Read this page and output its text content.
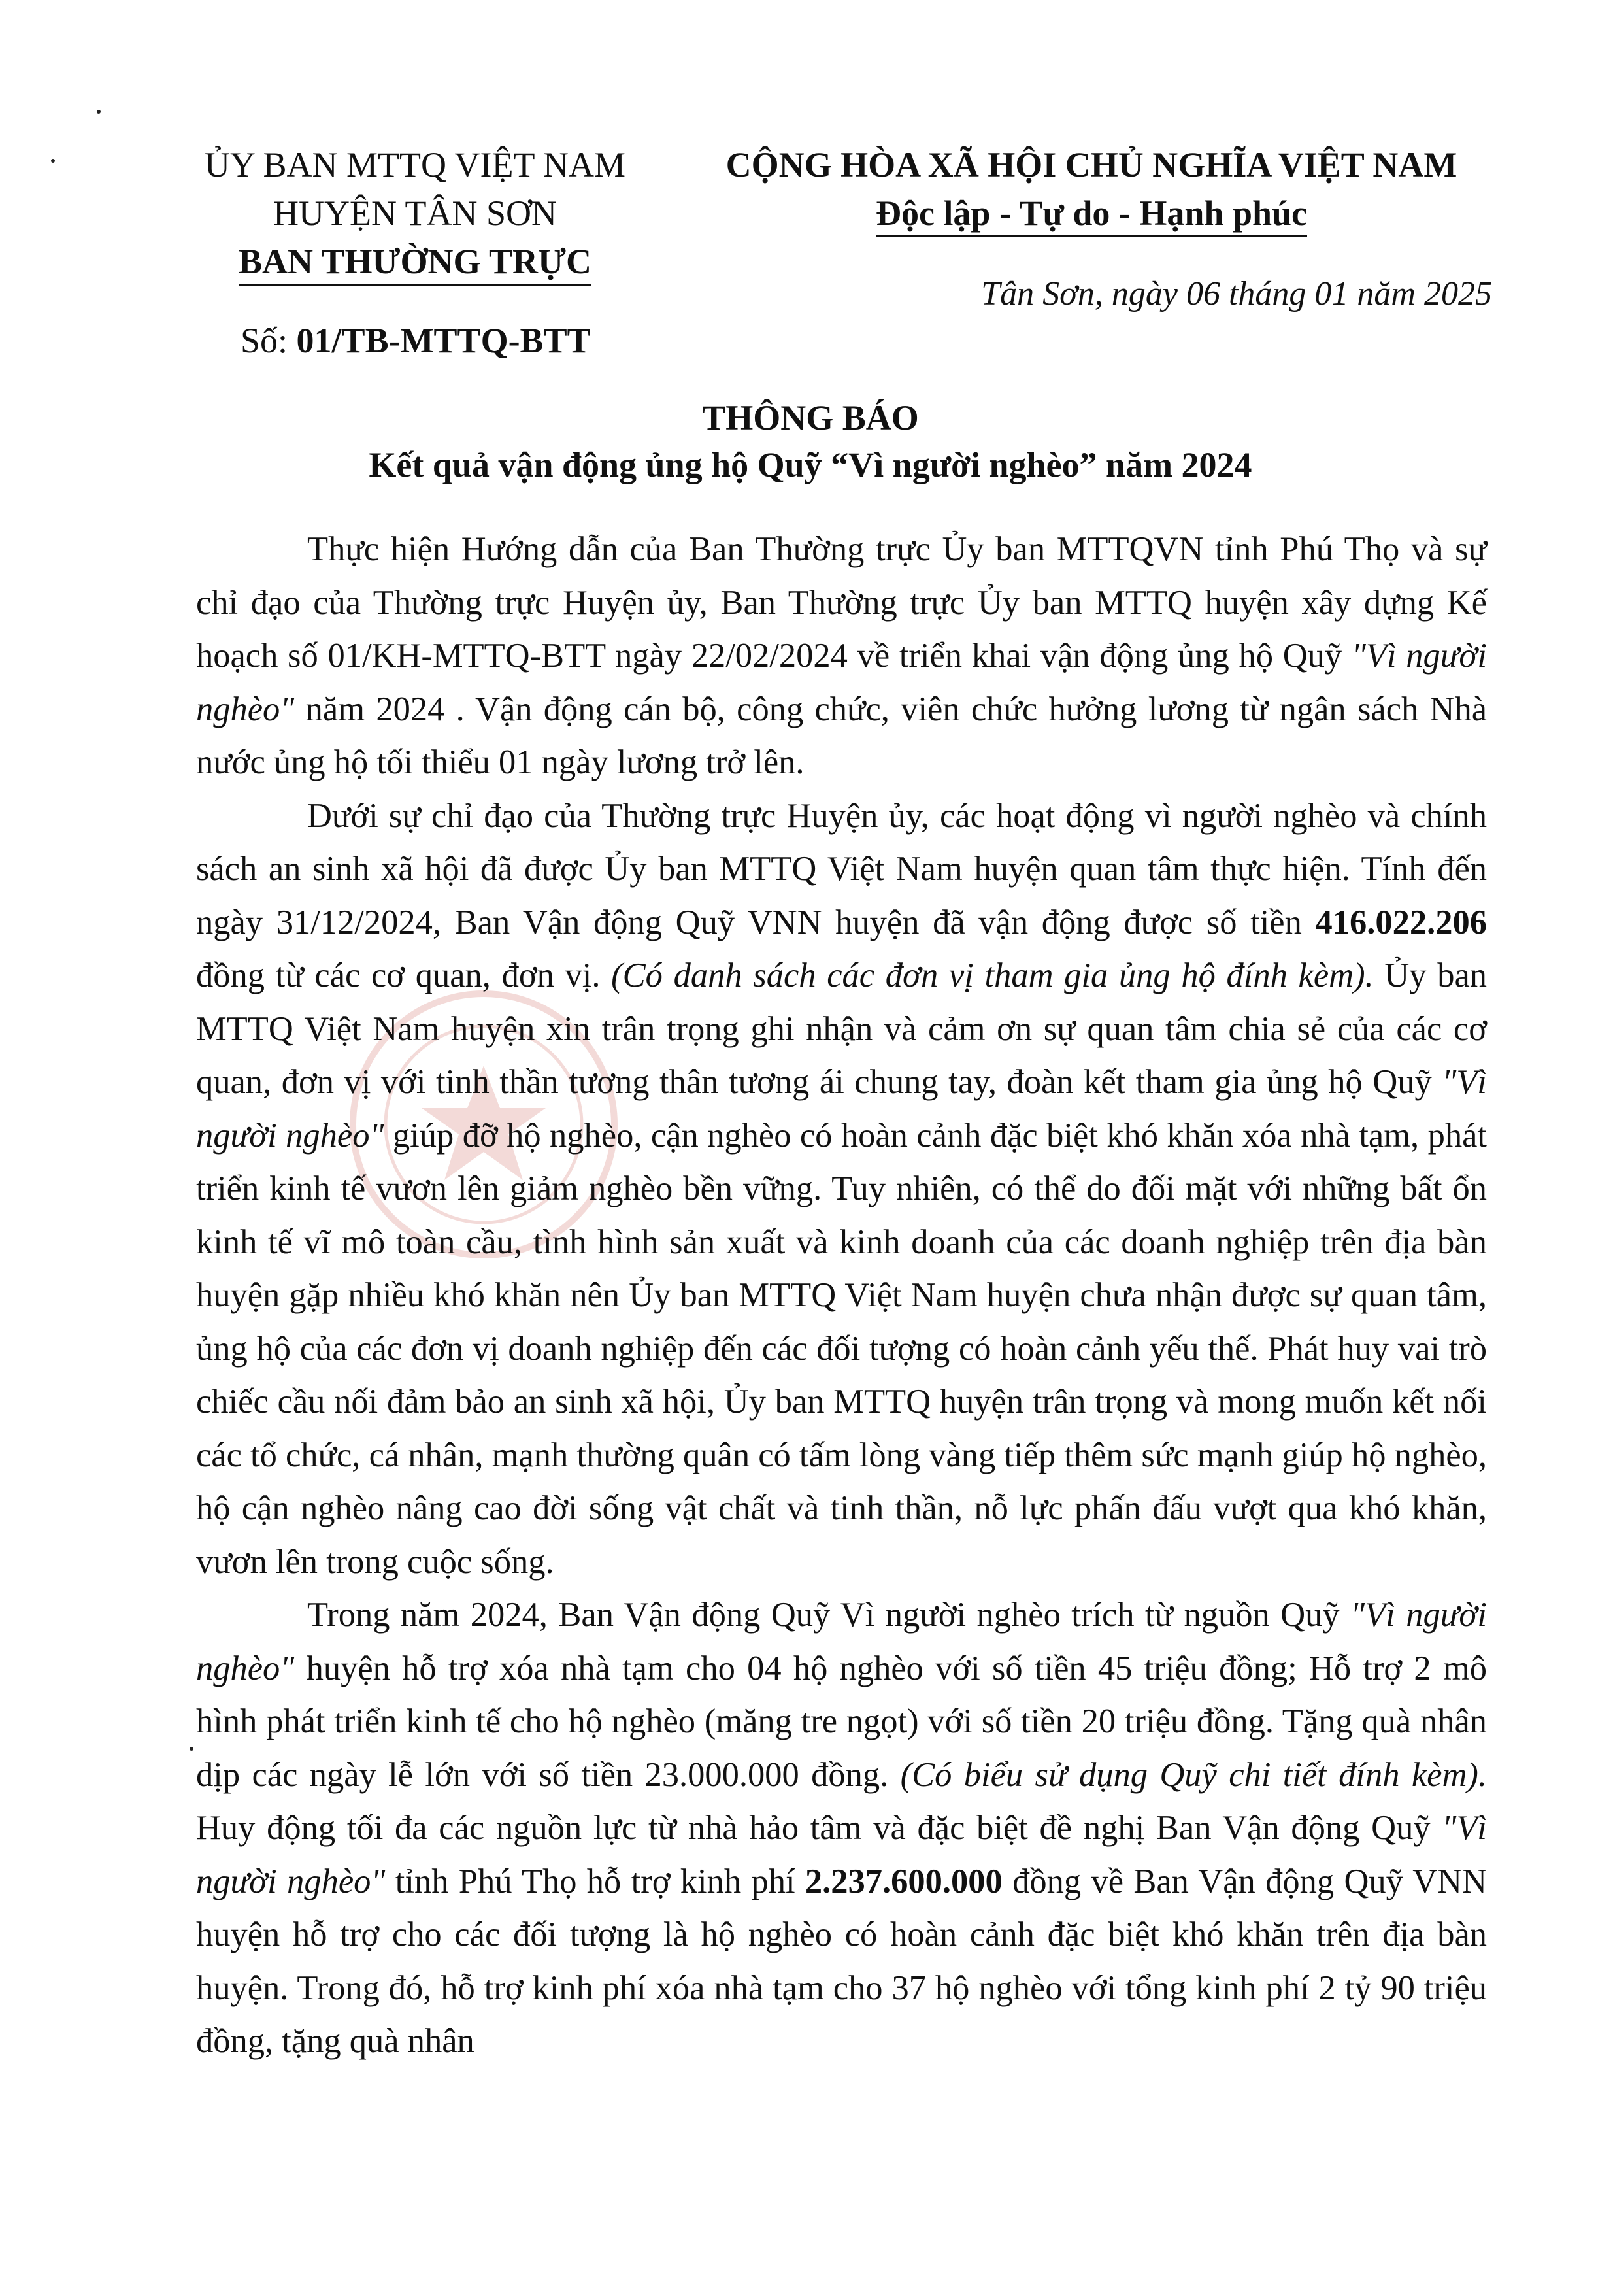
ỦY BAN MTTQ VIỆT NAM
HUYỆN TÂN SƠN
BAN THƯỜNG TRỰC
Số: 01/TB-MTTQ-BTT
CỘNG HÒA XÃ HỘI CHỦ NGHĨA VIỆT NAM
Độc lập - Tự do - Hạnh phúc
Tân Sơn, ngày 06 tháng 01 năm 2025
THÔNG BÁO
Kết quả vận động ủng hộ Quỹ “Vì người nghèo” năm 2024

Thực hiện Hướng dẫn của Ban Thường trực Ủy ban MTTQVN tỉnh Phú Thọ và sự chỉ đạo của Thường trực Huyện ủy, Ban Thường trực Ủy ban MTTQ huyện xây dựng Kế hoạch số 01/KH-MTTQ-BTT ngày 22/02/2024 về triển khai vận động ủng hộ Quỹ "Vì người nghèo" năm 2024 . Vận động cán bộ, công chức, viên chức hưởng lương từ ngân sách Nhà nước ủng hộ tối thiểu 01 ngày lương trở lên.

Dưới sự chỉ đạo của Thường trực Huyện ủy, các hoạt động vì người nghèo và chính sách an sinh xã hội đã được Ủy ban MTTQ Việt Nam huyện quan tâm thực hiện. Tính đến ngày 31/12/2024, Ban Vận động Quỹ VNN huyện đã vận động được số tiền 416.022.206 đồng từ các cơ quan, đơn vị. (Có danh sách các đơn vị tham gia ủng hộ đính kèm). Ủy ban MTTQ Việt Nam huyện xin trân trọng ghi nhận và cảm ơn sự quan tâm chia sẻ của các cơ quan, đơn vị với tinh thần tương thân tương ái chung tay, đoàn kết tham gia ủng hộ Quỹ "Vì người nghèo" giúp đỡ hộ nghèo, cận nghèo có hoàn cảnh đặc biệt khó khăn xóa nhà tạm, phát triển kinh tế vươn lên giảm nghèo bền vững. Tuy nhiên, có thể do đối mặt với những bất ổn kinh tế vĩ mô toàn cầu, tình hình sản xuất và kinh doanh của các doanh nghiệp trên địa bàn huyện gặp nhiều khó khăn nên Ủy ban MTTQ Việt Nam huyện chưa nhận được sự quan tâm, ủng hộ của các đơn vị doanh nghiệp đến các đối tượng có hoàn cảnh yếu thế. Phát huy vai trò chiếc cầu nối đảm bảo an sinh xã hội, Ủy ban MTTQ huyện trân trọng và mong muốn kết nối các tổ chức, cá nhân, mạnh thường quân có tấm lòng vàng tiếp thêm sức mạnh giúp hộ nghèo, hộ cận nghèo nâng cao đời sống vật chất và tinh thần, nỗ lực phấn đấu vượt qua khó khăn, vươn lên trong cuộc sống.

Trong năm 2024, Ban Vận động Quỹ Vì người nghèo trích từ nguồn Quỹ "Vì người nghèo" huyện hỗ trợ xóa nhà tạm cho 04 hộ nghèo với số tiền 45 triệu đồng; Hỗ trợ 2 mô hình phát triển kinh tế cho hộ nghèo (măng tre ngọt) với số tiền 20 triệu đồng. Tặng quà nhân dịp các ngày lễ lớn với số tiền 23.000.000 đồng. (Có biểu sử dụng Quỹ chi tiết đính kèm). Huy động tối đa các nguồn lực từ nhà hảo tâm và đặc biệt đề nghị Ban Vận động Quỹ "Vì người nghèo" tỉnh Phú Thọ hỗ trợ kinh phí 2.237.600.000 đồng về Ban Vận động Quỹ VNN huyện hỗ trợ cho các đối tượng là hộ nghèo có hoàn cảnh đặc biệt khó khăn trên địa bàn huyện. Trong đó, hỗ trợ kinh phí xóa nhà tạm cho 37 hộ nghèo với tổng kinh phí 2 tỷ 90 triệu đồng, tặng quà nhân
